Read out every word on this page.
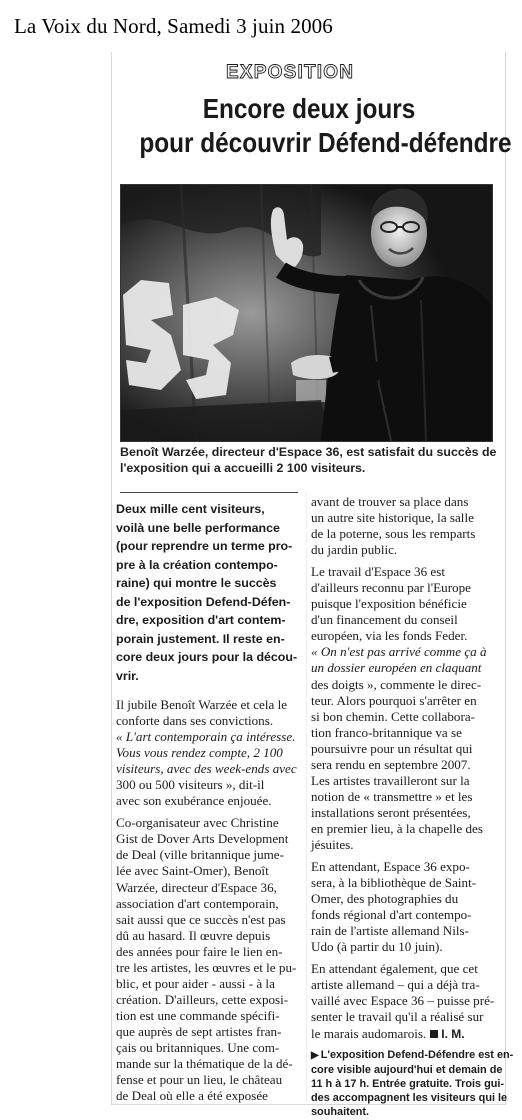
La Voix du Nord, Samedi 3 juin 2006
EXPOSITION
Encore deux jours
pour découvrir Défend-défendre
Benoît Warzée, directeur d'Espace 36, est satisfait du succès de
l'exposition qui a accueilli 2 100 visiteurs.
Deux mille cent visiteurs,
voilà une belle performance
(pour reprendre un terme pro-
pre à la création contempo-
raine) qui montre le succès
de l'exposition Defend-Défen-
dre, exposition d'art contem-
porain justement. Il reste en-
core deux jours pour la décou-
vrir.
Il jubile Benoît Warzée et cela le
conforte dans ses convictions.
« L'art contemporain ça intéresse.
Vous vous rendez compte, 2 100
visiteurs, avec des week-ends avec
300 ou 500 visiteurs », dit-il
avec son exubérance enjouée.
Co-organisateur avec Christine
Gist de Dover Arts Development
de Deal (ville britannique jume-
lée avec Saint-Omer), Benoît
Warzée, directeur d'Espace 36,
association d'art contemporain,
sait aussi que ce succès n'est pas
dû au hasard. Il œuvre depuis
des années pour faire le lien en-
tre les artistes, les œuvres et le pu-
blic, et pour aider - aussi - à la
création. D'ailleurs, cette exposi-
tion est une commande spécifi-
que auprès de sept artistes fran-
çais ou britanniques. Une com-
mande sur la thématique de la dé-
fense et pour un lieu, le château
de Deal où elle a été exposée
avant de trouver sa place dans
un autre site historique, la salle
de la poterne, sous les remparts
du jardin public.
Le travail d'Espace 36 est
d'ailleurs reconnu par l'Europe
puisque l'exposition bénéficie
d'un financement du conseil
européen, via les fonds Feder.
« On n'est pas arrivé comme ça à
un dossier européen en claquant
des doigts », commente le direc-
teur. Alors pourquoi s'arrêter en
si bon chemin. Cette collabora-
tion franco-britannique va se
poursuivre pour un résultat qui
sera rendu en septembre 2007.
Les artistes travailleront sur la
notion de « transmettre » et les
installations seront présentées,
en premier lieu, à la chapelle des
jésuites.
En attendant, Espace 36 expo-
sera, à la bibliothèque de Saint-
Omer, des photographies du
fonds régional d'art contempo-
rain de l'artiste allemand Nils-
Udo (à partir du 10 juin).
En attendant également, que cet
artiste allemand – qui a déjà tra-
vaillé avec Espace 36 – puisse pré-
senter le travail qu'il a réalisé sur
le marais audomarois. I. M.
▶ L'exposition Defend-Défendre est en-
core visible aujourd'hui et demain de
11 h à 17 h. Entrée gratuite. Trois gui-
des accompagnent les visiteurs qui le
souhaitent.
